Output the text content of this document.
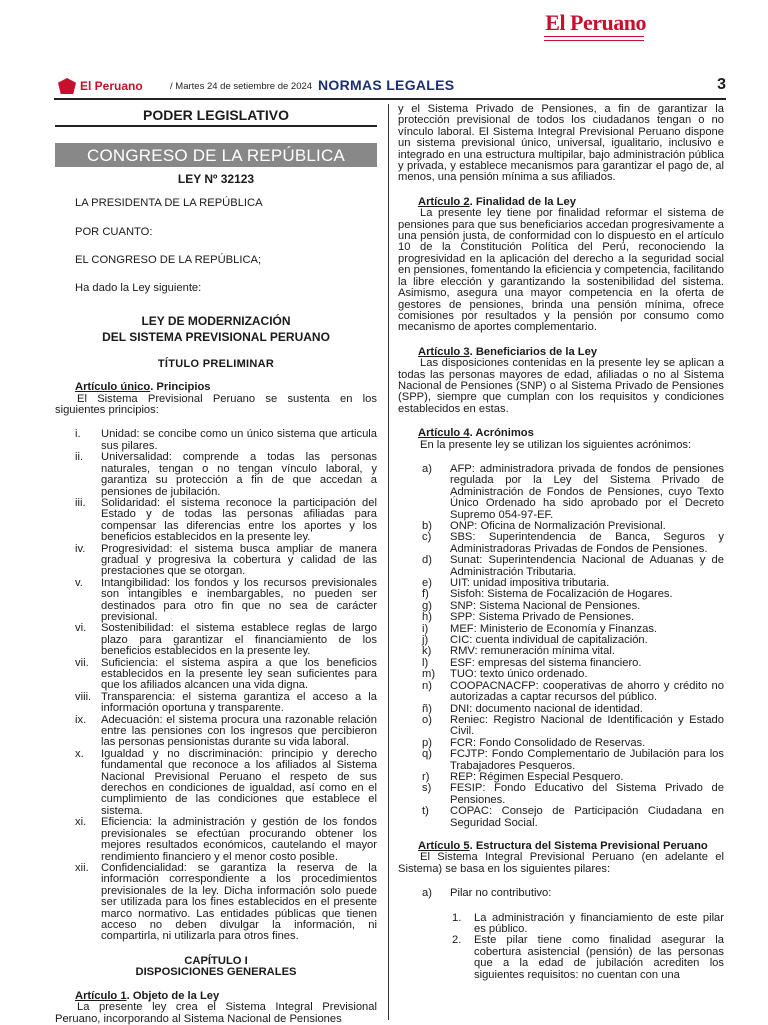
El Peruano
El Peruano	/ Martes 24 de setiembre de 2024 NORMAS LEGALES	3
PODER LEGISLATIVO
CONGRESO DE LA REPÚBLICA
LEY Nº 32123
LA PRESIDENTA DE LA REPÚBLICA
POR CUANTO:
EL CONGRESO DE LA REPÚBLICA;
Ha dado la Ley siguiente:
LEY DE MODERNIZACIÓN
DEL SISTEMA PREVISIONAL PERUANO
TÍTULO PRELIMINAR
Artículo único. Principios

El Sistema Previsional Peruano se sustenta en los siguientes principios:

i.	Unidad: se concibe como un único sistema que articula sus pilares.
ii.	Universalidad: comprende a todas las personas naturales, tengan o no tengan vínculo laboral, y garantiza su protección a fin de que accedan a pensiones de jubilación.
iii.	Solidaridad: el sistema reconoce la participación del Estado y de todas las personas afiliadas para compensar las diferencias entre los aportes y los beneficios establecidos en la presente ley.
iv.	Progresividad: el sistema busca ampliar de manera gradual y progresiva la cobertura y calidad de las prestaciones que se otorgan.
v.	Intangibilidad: los fondos y los recursos previsionales son intangibles e inembargables, no pueden ser destinados para otro fin que no sea de carácter previsional.
vi.	Sostenibilidad: el sistema establece reglas de largo plazo para garantizar el financiamiento de los beneficios establecidos en la presente ley.
vii.	Suficiencia: el sistema aspira a que los beneficios establecidos en la presente ley sean suficientes para que los afiliados alcancen una vida digna.
viii. Transparencia: el sistema garantiza el acceso a la información oportuna y transparente.
ix.	Adecuación: el sistema procura una razonable relación entre las pensiones con los ingresos que percibieron las personas pensionistas durante su vida laboral.
x.	Igualdad y no discriminación: principio y derecho fundamental que reconoce a los afiliados al Sistema Nacional Previsional Peruano el respeto de sus derechos en condiciones de igualdad, así como en el cumplimiento de las condiciones que establece el sistema.
xi.	Eficiencia: la administración y gestión de los fondos previsionales se efectúan procurando obtener los mejores resultados económicos, cautelando el mayor rendimiento financiero y el menor costo posible.
xii.	Confidencialidad: se garantiza la reserva de la información correspondiente a los procedimientos previsionales de la ley. Dicha información solo puede ser utilizada para los fines establecidos en el presente marco normativo. Las entidades públicas que tienen acceso no deben divulgar la información, ni compartirla, ni utilizarla para otros fines.
CAPÍTULO I
DISPOSICIONES GENERALES
Artículo 1. Objeto de la Ley

La presente ley crea el Sistema Integral Previsional Peruano, incorporando al Sistema Nacional de Pensiones

y el Sistema Privado de Pensiones, a fin de garantizar la protección previsional de todos los ciudadanos tengan o no vínculo laboral. El Sistema Integral Previsional Peruano dispone un sistema previsional único, universal, igualitario, inclusivo e integrado en una estructura multipilar, bajo administración pública y privada, y establece mecanismos para garantizar el pago de, al menos, una pensión mínima a sus afiliados.

Artículo 2. Finalidad de la Ley

La presente ley tiene por finalidad reformar el sistema de pensiones para que sus beneficiarios accedan progresivamente a una pensión justa, de conformidad con lo dispuesto en el artículo 10 de la Constitución Política del Perú, reconociendo la progresividad en la aplicación del derecho a la seguridad social en pensiones, fomentando la eficiencia y competencia, facilitando la libre elección y garantizando la sostenibilidad del sistema. Asimismo, asegura una mayor competencia en la oferta de gestores de pensiones, brinda una pensión mínima, ofrece comisiones por resultados y la pensión por consumo como mecanismo de aportes complementario.

Artículo 3. Beneficiarios de la Ley

Las disposiciones contenidas en la presente ley se aplican a todas las personas mayores de edad, afiliadas o no al Sistema Nacional de Pensiones (SNP) o al Sistema Privado de Pensiones (SPP), siempre que cumplan con los requisitos y condiciones establecidos en estas.

Artículo 4. Acrónimos

En la presente ley se utilizan los siguientes acrónimos:

a)	AFP: administradora privada de fondos de pensiones regulada por la Ley del Sistema Privado de Administración de Fondos de Pensiones, cuyo Texto Único Ordenado ha sido aprobado por el Decreto Supremo 054-97-EF.
b)	ONP: Oficina de Normalización Previsional.
c)	SBS: Superintendencia de Banca, Seguros y Administradoras Privadas de Fondos de Pensiones.
d)	Sunat: Superintendencia Nacional de Aduanas y de Administración Tributaria.
e)	UIT: unidad impositiva tributaria.
f)	Sisfoh: Sistema de Focalización de Hogares.
g)	SNP: Sistema Nacional de Pensiones.
h)	SPP: Sistema Privado de Pensiones.
i)	MEF: Ministerio de Economía y Finanzas.
j)	CIC: cuenta individual de capitalización.
k)	RMV: remuneración mínima vital.
l)	ESF: empresas del sistema financiero.
m)	TUO: texto único ordenado.
n)	COOPACNACFP: cooperativas de ahorro y crédito no autorizadas a captar recursos del público.
ñ)	DNI: documento nacional de identidad.
o)	Reniec: Registro Nacional de Identificación y Estado Civil.
p)	FCR: Fondo Consolidado de Reservas.
q)	FCJTP: Fondo Complementario de Jubilación para los Trabajadores Pesqueros.
r)	REP: Régimen Especial Pesquero.
s)	FESIP: Fondo Educativo del Sistema Privado de Pensiones.
t)	COPAC: Consejo de Participación Ciudadana en Seguridad Social.
Artículo 5. Estructura del Sistema Previsional Peruano

El Sistema Integral Previsional Peruano (en adelante el Sistema) se basa en los siguientes pilares:

a)	Pilar no contributivo:
1.	La administración y financiamiento de este pilar es público.
2.	Este pilar tiene como finalidad asegurar la cobertura asistencial (pensión) de las personas que a la edad de jubilación acrediten los siguientes requisitos: no cuentan con una
